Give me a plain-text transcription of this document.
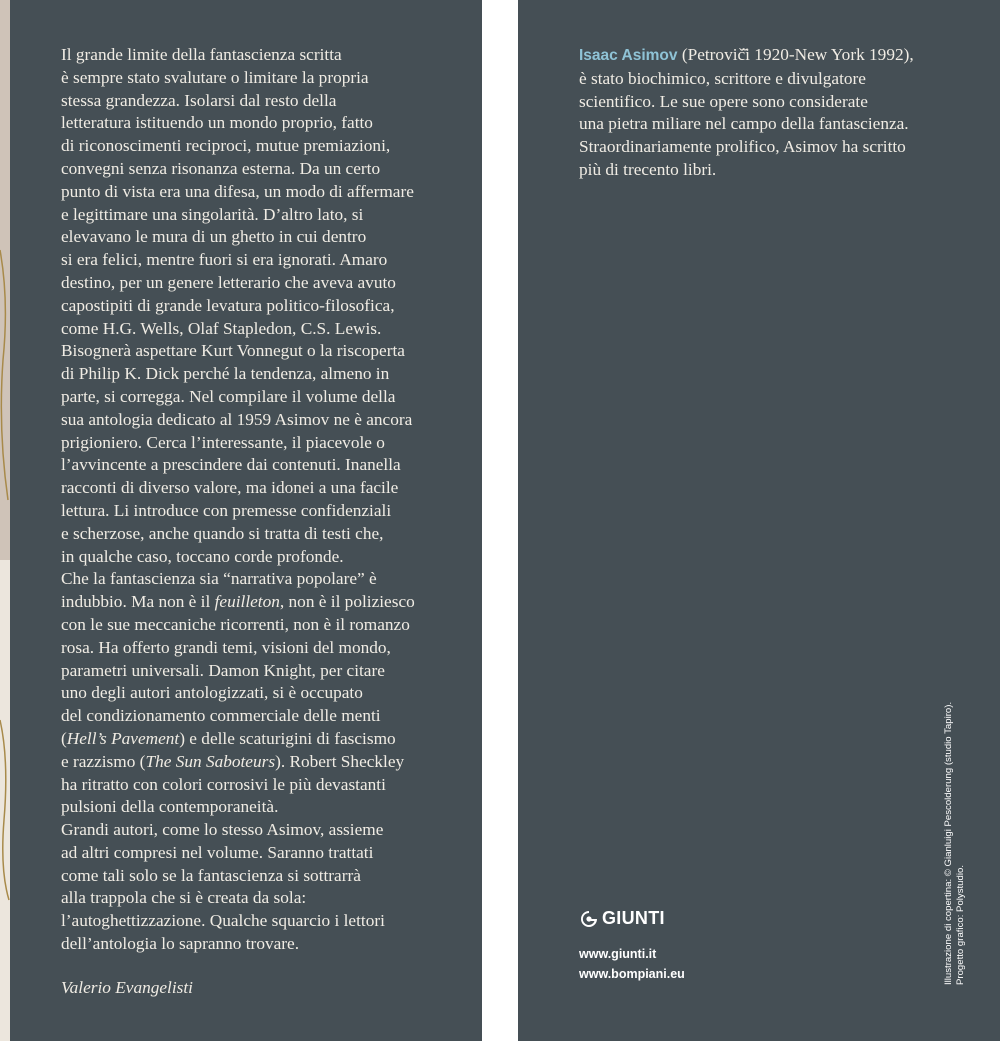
Il grande limite della fantascienza scritta
è sempre stato svalutare o limitare la propria
stessa grandezza. Isolarsi dal resto della
letteratura istituendo un mondo proprio, fatto
di riconoscimenti reciproci, mutue premiazioni,
convegni senza risonanza esterna. Da un certo
punto di vista era una difesa, un modo di affermare
e legittimare una singolarità. D’altro lato, si
elevavano le mura di un ghetto in cui dentro
si era felici, mentre fuori si era ignorati. Amaro
destino, per un genere letterario che aveva avuto
capostipiti di grande levatura politico-filosofica,
come H.G. Wells, Olaf Stapledon, C.S. Lewis.
Bisognerà aspettare Kurt Vonnegut o la riscoperta
di Philip K. Dick perché la tendenza, almeno in
parte, si corregga. Nel compilare il volume della
sua antologia dedicato al 1959 Asimov ne è ancora
prigioniero. Cerca l’interessante, il piacevole o
l’avvincente a prescindere dai contenuti. Inanella
racconti di diverso valore, ma idonei a una facile
lettura. Li introduce con premesse confidenziali
e scherzose, anche quando si tratta di testi che,
in qualche caso, toccano corde profonde.
Che la fantascienza sia “narrativa popolare” è
indubbio. Ma non è il feuilleton, non è il poliziesco
con le sue meccaniche ricorrenti, non è il romanzo
rosa. Ha offerto grandi temi, visioni del mondo,
parametri universali. Damon Knight, per citare
uno degli autori antologizzati, si è occupato
del condizionamento commerciale delle menti
(Hell’s Pavement) e delle scaturigini di fascismo
e razzismo (The Sun Saboteurs). Robert Sheckley
ha ritratto con colori corrosivi le più devastanti
pulsioni della contemporaneità.
Grandi autori, come lo stesso Asimov, assieme
ad altri compresi nel volume. Saranno trattati
come tali solo se la fantascienza si sottrarrà
alla trappola che si è creata da sola:
l’autoghettizzazione. Qualche squarcio i lettori
dell’antologia lo sapranno trovare.
Valerio Evangelisti
Isaac Asimov (Petrovič̆i 1920-New York 1992),
è stato biochimico, scrittore e divulgatore
scientifico. Le sue opere sono considerate
una pietra miliare nel campo della fantascienza.
Straordinariamente prolifico, Asimov ha scritto
più di trecento libri.
GIUNTI
www.giunti.it
www.bompiani.eu	Illustrazione di copertina: © Gianluigi Pescolderung (studio Tapiro). Progetto grafico: Polystudio.
